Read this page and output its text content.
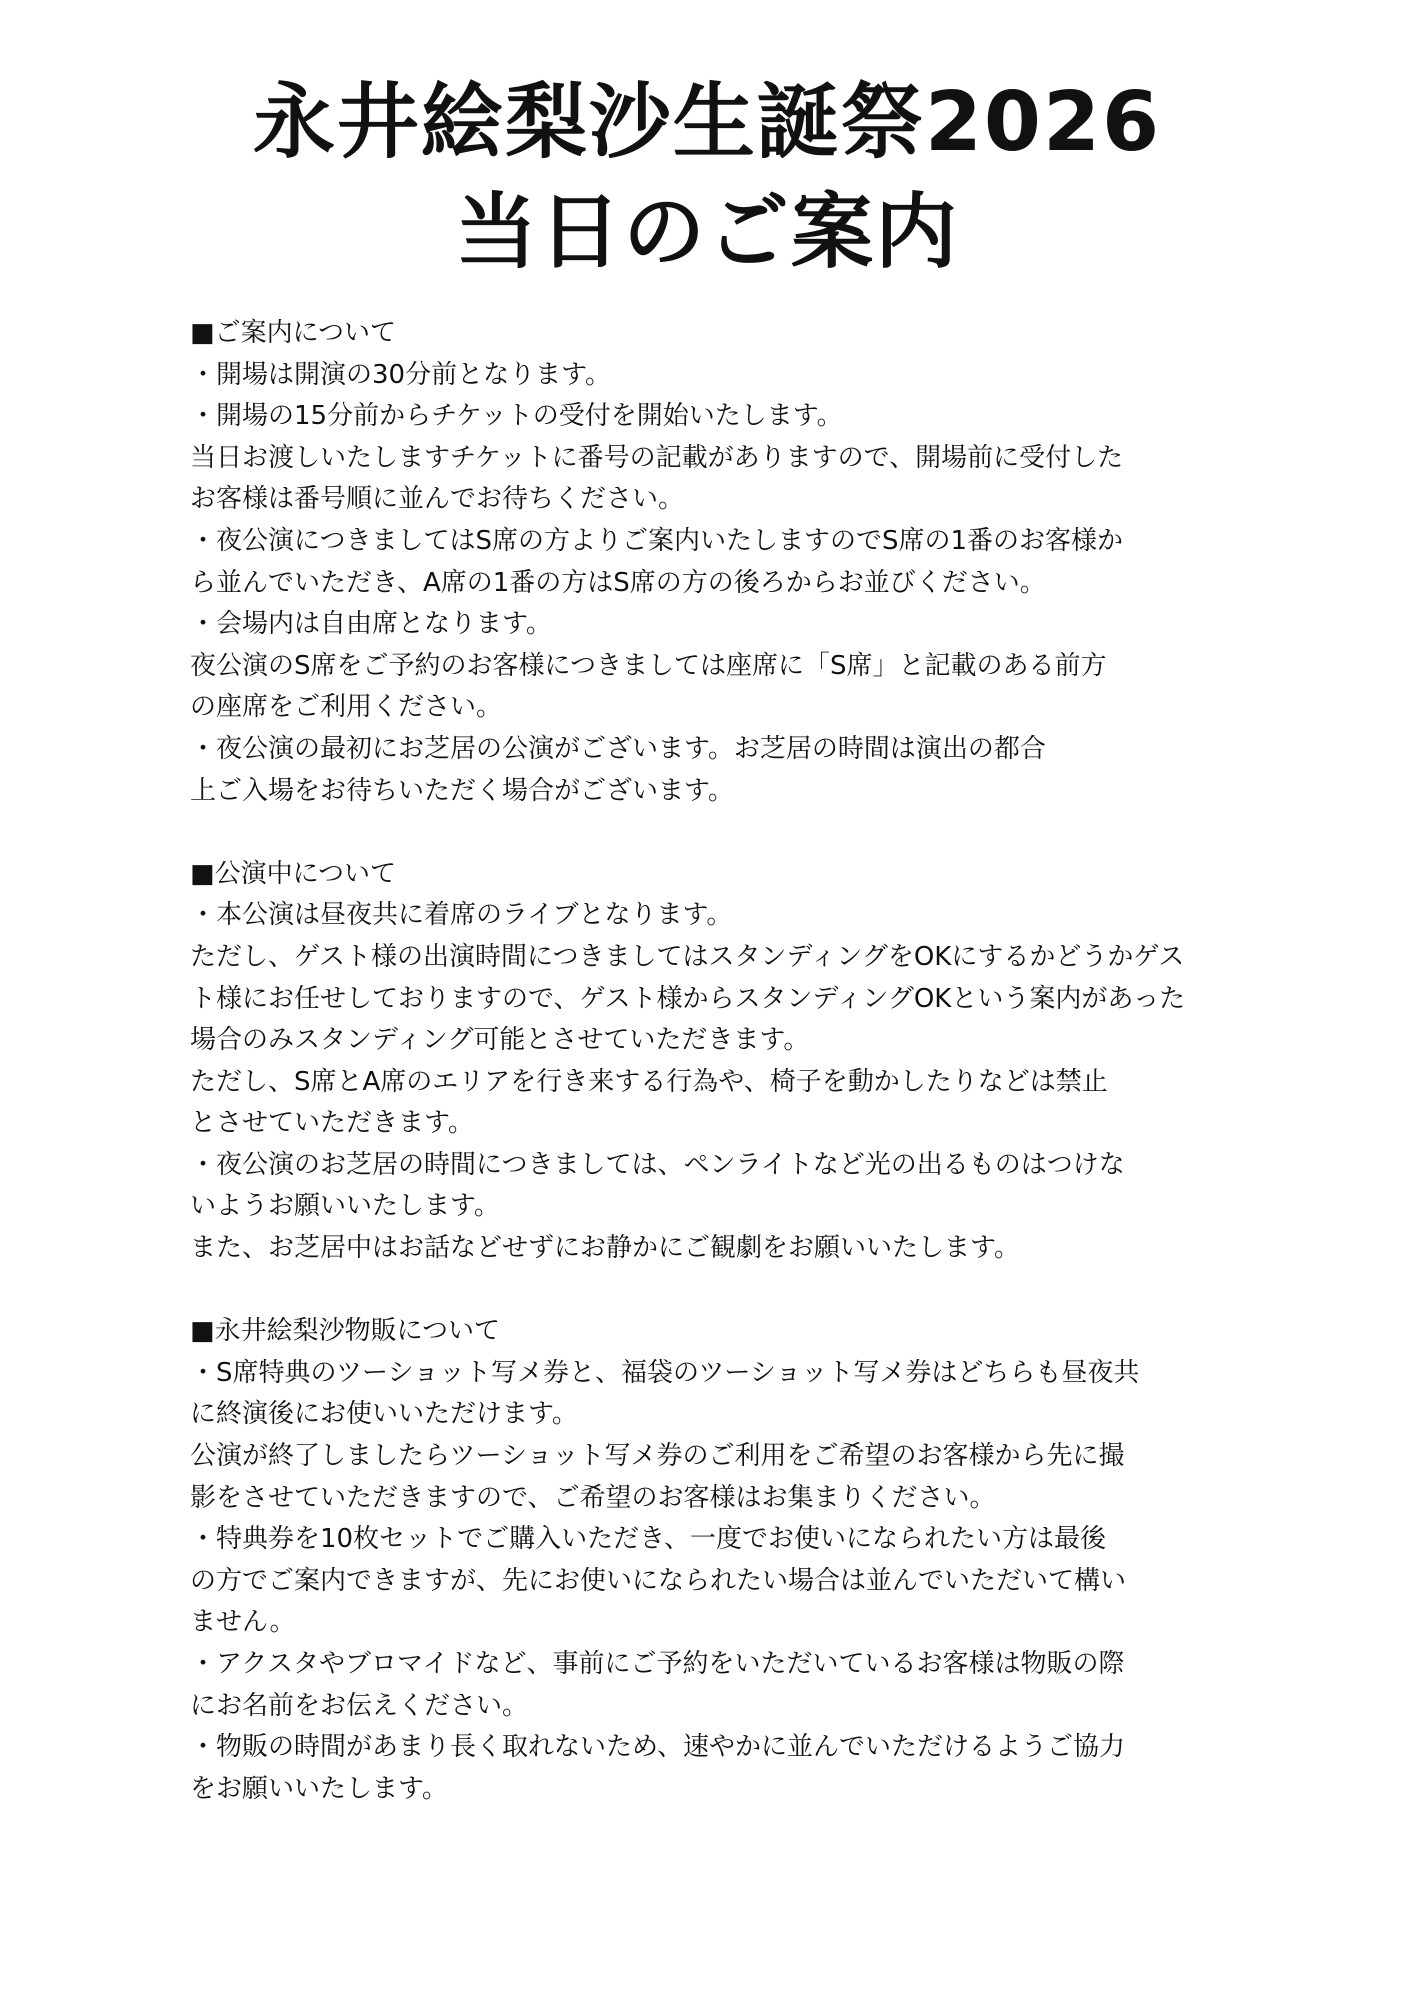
永井絵梨沙生誕祭2026
当日のご案内

■ご案内について

・開場は開演の30分前となります。

・開場の15分前からチケットの受付を開始いたします。

当日お渡しいたしますチケットに番号の記載がありますので、開場前に受付した

お客様は番号順に並んでお待ちください。

・夜公演につきましてはS席の方よりご案内いたしますのでS席の1番のお客様か

ら並んでいただき、A席の1番の方はS席の方の後ろからお並びください。

・会場内は自由席となります。

夜公演のS席をご予約のお客様につきましては座席に「S席」と記載のある前方

の座席をご利用ください。

・夜公演の最初にお芝居の公演がございます。お芝居の時間は演出の都合

上ご入場をお待ちいただく場合がございます。

■公演中について

・本公演は昼夜共に着席のライブとなります。

ただし、ゲスト様の出演時間につきましてはスタンディングをOKにするかどうかゲス

ト様にお任せしておりますので、ゲスト様からスタンディングOKという案内があった

場合のみスタンディング可能とさせていただきます。

ただし、S席とA席のエリアを行き来する行為や、椅子を動かしたりなどは禁止

とさせていただきます。

・夜公演のお芝居の時間につきましては、ペンライトなど光の出るものはつけな

いようお願いいたします。

また、お芝居中はお話などせずにお静かにご観劇をお願いいたします。

■永井絵梨沙物販について

・S席特典のツーショット写メ券と、福袋のツーショット写メ券はどちらも昼夜共

に終演後にお使いいただけます。

公演が終了しましたらツーショット写メ券のご利用をご希望のお客様から先に撮

影をさせていただきますので、ご希望のお客様はお集まりください。

・特典券を10枚セットでご購入いただき、一度でお使いになられたい方は最後

の方でご案内できますが、先にお使いになられたい場合は並んでいただいて構い

ません。

・アクスタやブロマイドなど、事前にご予約をいただいているお客様は物販の際

にお名前をお伝えください。

・物販の時間があまり長く取れないため、速やかに並んでいただけるようご協力

をお願いいたします。
